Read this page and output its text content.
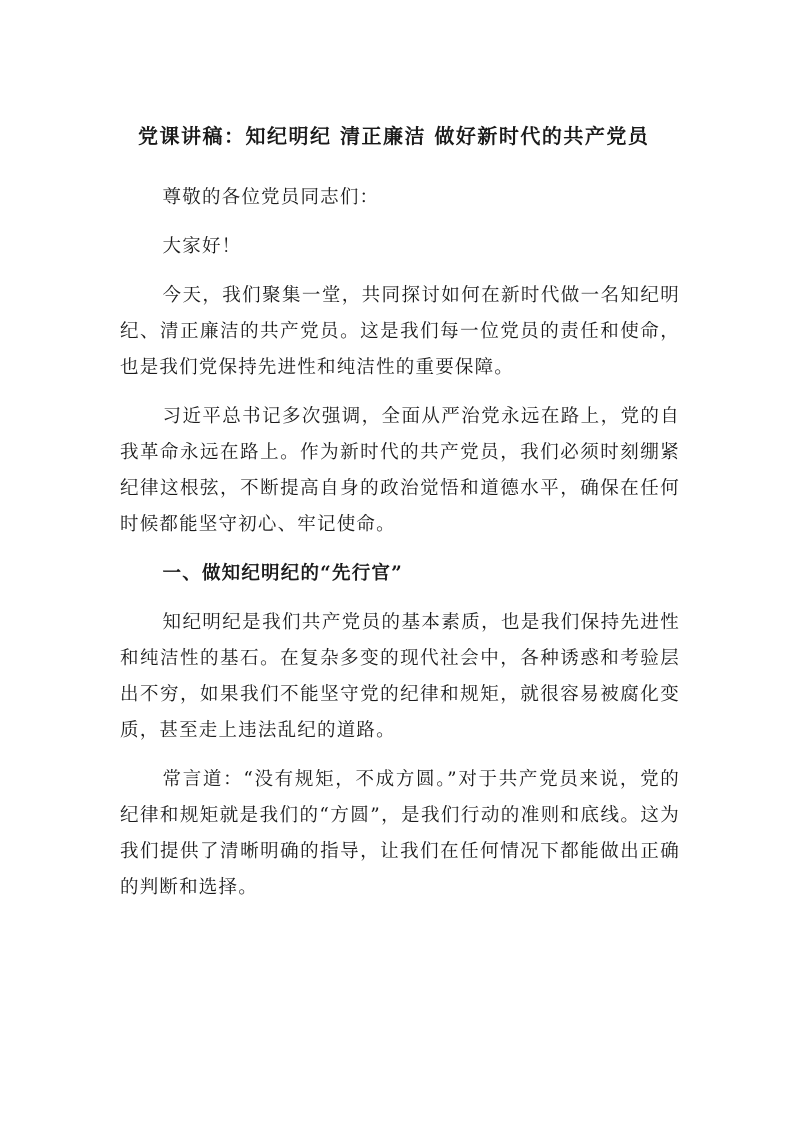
党课讲稿：知纪明纪 清正廉洁 做好新时代的共产党员

尊敬的各位党员同志们：

大家好！

今天，我们聚集一堂，共同探讨如何在新时代做一名知纪明纪、清正廉洁的共产党员。这是我们每一位党员的责任和使命，也是我们党保持先进性和纯洁性的重要保障。

习近平总书记多次强调，全面从严治党永远在路上，党的自我革命永远在路上。作为新时代的共产党员，我们必须时刻绷紧纪律这根弦，不断提高自身的政治觉悟和道德水平，确保在任何时候都能坚守初心、牢记使命。

一、做知纪明纪的“先行官”

知纪明纪是我们共产党员的基本素质，也是我们保持先进性和纯洁性的基石。在复杂多变的现代社会中，各种诱惑和考验层出不穷，如果我们不能坚守党的纪律和规矩，就很容易被腐化变质，甚至走上违法乱纪的道路。

常言道：“没有规矩，不成方圆。”对于共产党员来说，党的纪律和规矩就是我们的“方圆”，是我们行动的准则和底线。这为我们提供了清晰明确的指导，让我们在任何情况下都能做出正确的判断和选择。
